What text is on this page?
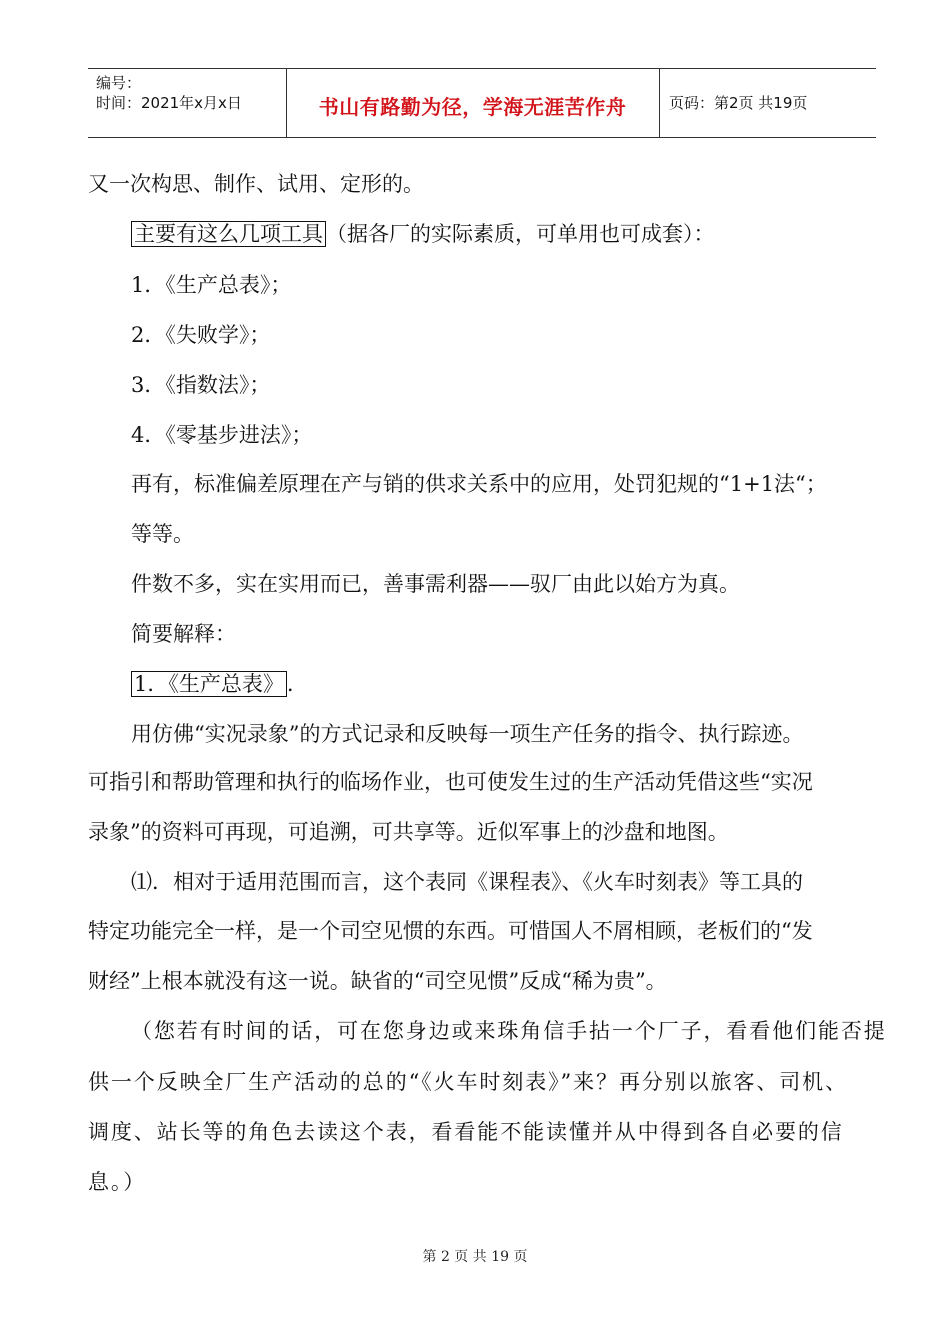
编号：
时间：2021年x月x日	书山有路勤为径，学海无涯苦作舟	页码：第2页 共19页
又一次构思、制作、试用、定形的。
主要有这么几项工具 （据各厂的实际素质，可单用也可成套）：
1．《生产总表》；
2．《失败学》；
3．《指数法》；
4．《零基步进法》；
再有，标准偏差原理在产与销的供求关系中的应用，处罚犯规的“1+1法“；
等等。
件数不多，实在实用而已，善事需利器——驭厂由此以始方为真。
简要解释：
1．《生产总表》 .
用仿佛“实况录象”的方式记录和反映每一项生产任务的指令、执行踪迹。
可指引和帮助管理和执行的临场作业，也可使发生过的生产活动凭借这些“实况
录象”的资料可再现，可追溯，可共享等。近似军事上的沙盘和地图。
⑴．相对于适用范围而言，这个表同《课程表》、《火车时刻表》等工具的
特定功能完全一样，是一个司空见惯的东西。可惜国人不屑相顾，老板们的“发
财经”上根本就没有这一说。缺省的“司空见惯”反成“稀为贵”。
（您若有时间的话，可在您身边或来珠角信手拈一个厂子，看看他们能否提
供一个反映全厂生产活动的总的“《火车时刻表》”来？再分别以旅客、司机、
调度、站长等的角色去读这个表，看看能不能读懂并从中得到各自必要的信
息。）
第 2 页 共 19 页
